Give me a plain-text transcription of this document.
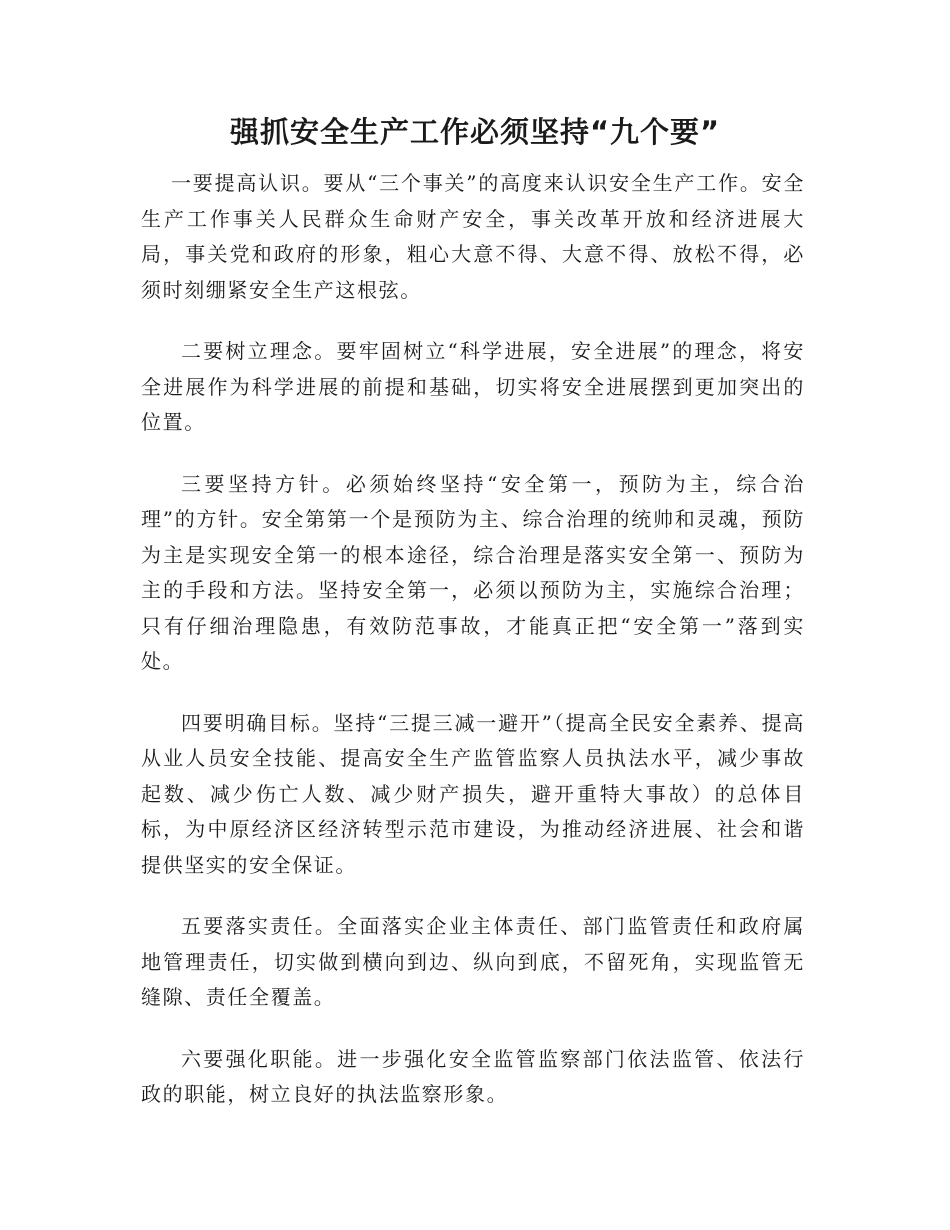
强抓安全生产工作必须坚持“九个要”

一要提高认识。要从“三个事关”的高度来认识安全生产工作。安全生产工作事关人民群众生命财产安全，事关改革开放和经济进展大局，事关党和政府的形象，粗心大意不得、大意不得、放松不得，必须时刻绷紧安全生产这根弦。

二要树立理念。要牢固树立“科学进展，安全进展”的理念，将安全进展作为科学进展的前提和基础，切实将安全进展摆到更加突出的位置。

三要坚持方针。必须始终坚持“安全第一，预防为主，综合治理”的方针。安全第第一个是预防为主、综合治理的统帅和灵魂，预防为主是实现安全第一的根本途径，综合治理是落实安全第一、预防为主的手段和方法。坚持安全第一，必须以预防为主，实施综合治理；只有仔细治理隐患，有效防范事故，才能真正把“安全第一”落到实处。

四要明确目标。坚持“三提三减一避开”（提高全民安全素养、提高从业人员安全技能、提高安全生产监管监察人员执法水平，减少事故起数、减少伤亡人数、减少财产损失，避开重特大事故）的总体目标，为中原经济区经济转型示范市建设，为推动经济进展、社会和谐提供坚实的安全保证。

五要落实责任。全面落实企业主体责任、部门监管责任和政府属地管理责任，切实做到横向到边、纵向到底，不留死角，实现监管无缝隙、责任全覆盖。

六要强化职能。进一步强化安全监管监察部门依法监管、依法行政的职能，树立良好的执法监察形象。
